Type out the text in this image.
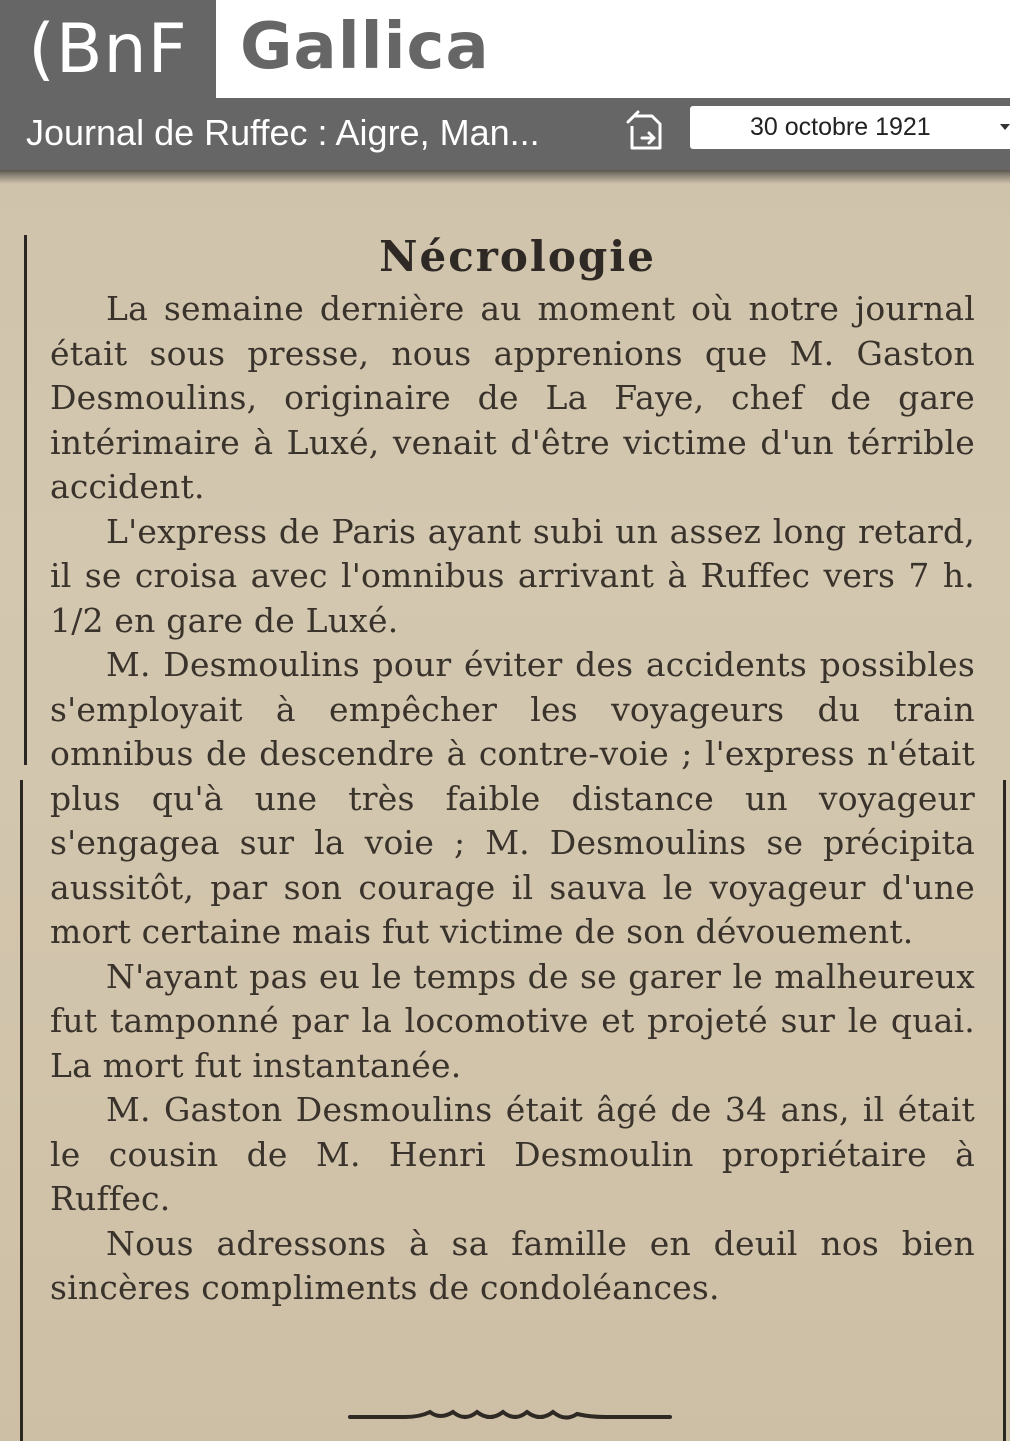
(BnF Gallica
Journal de Ruffec : Aigre, Man...	30 octobre 1921
Nécrologie

La semaine dernière au moment où notre journal était sous presse, nous apprenions que M. Gaston Desmoulins, originaire de La Faye, chef de gare intérimaire à Luxé, venait d'être victime d'un térrible accident.

L'express de Paris ayant subi un assez long retard, il se croisa avec l'omnibus arrivant à Ruffec vers 7 h. 1/2 en gare de Luxé.

M. Desmoulins pour éviter des accidents possibles s'employait à empêcher les voyageurs du train omnibus de descendre à contre-voie ; l'express n'était plus qu'à une très faible distance un voyageur s'engagea sur la voie ; M. Desmoulins se précipita aussitôt, par son courage il sauva le voyageur d'une mort certaine mais fut victime de son dévouement.

N'ayant pas eu le temps de se garer le malheureux fut tamponné par la locomotive et projeté sur le quai. La mort fut instantanée.

M. Gaston Desmoulins était âgé de 34 ans, il était le cousin de M. Henri Desmoulin propriétaire à Ruffec.

Nous adressons à sa famille en deuil nos bien sincères compliments de condoléances.
